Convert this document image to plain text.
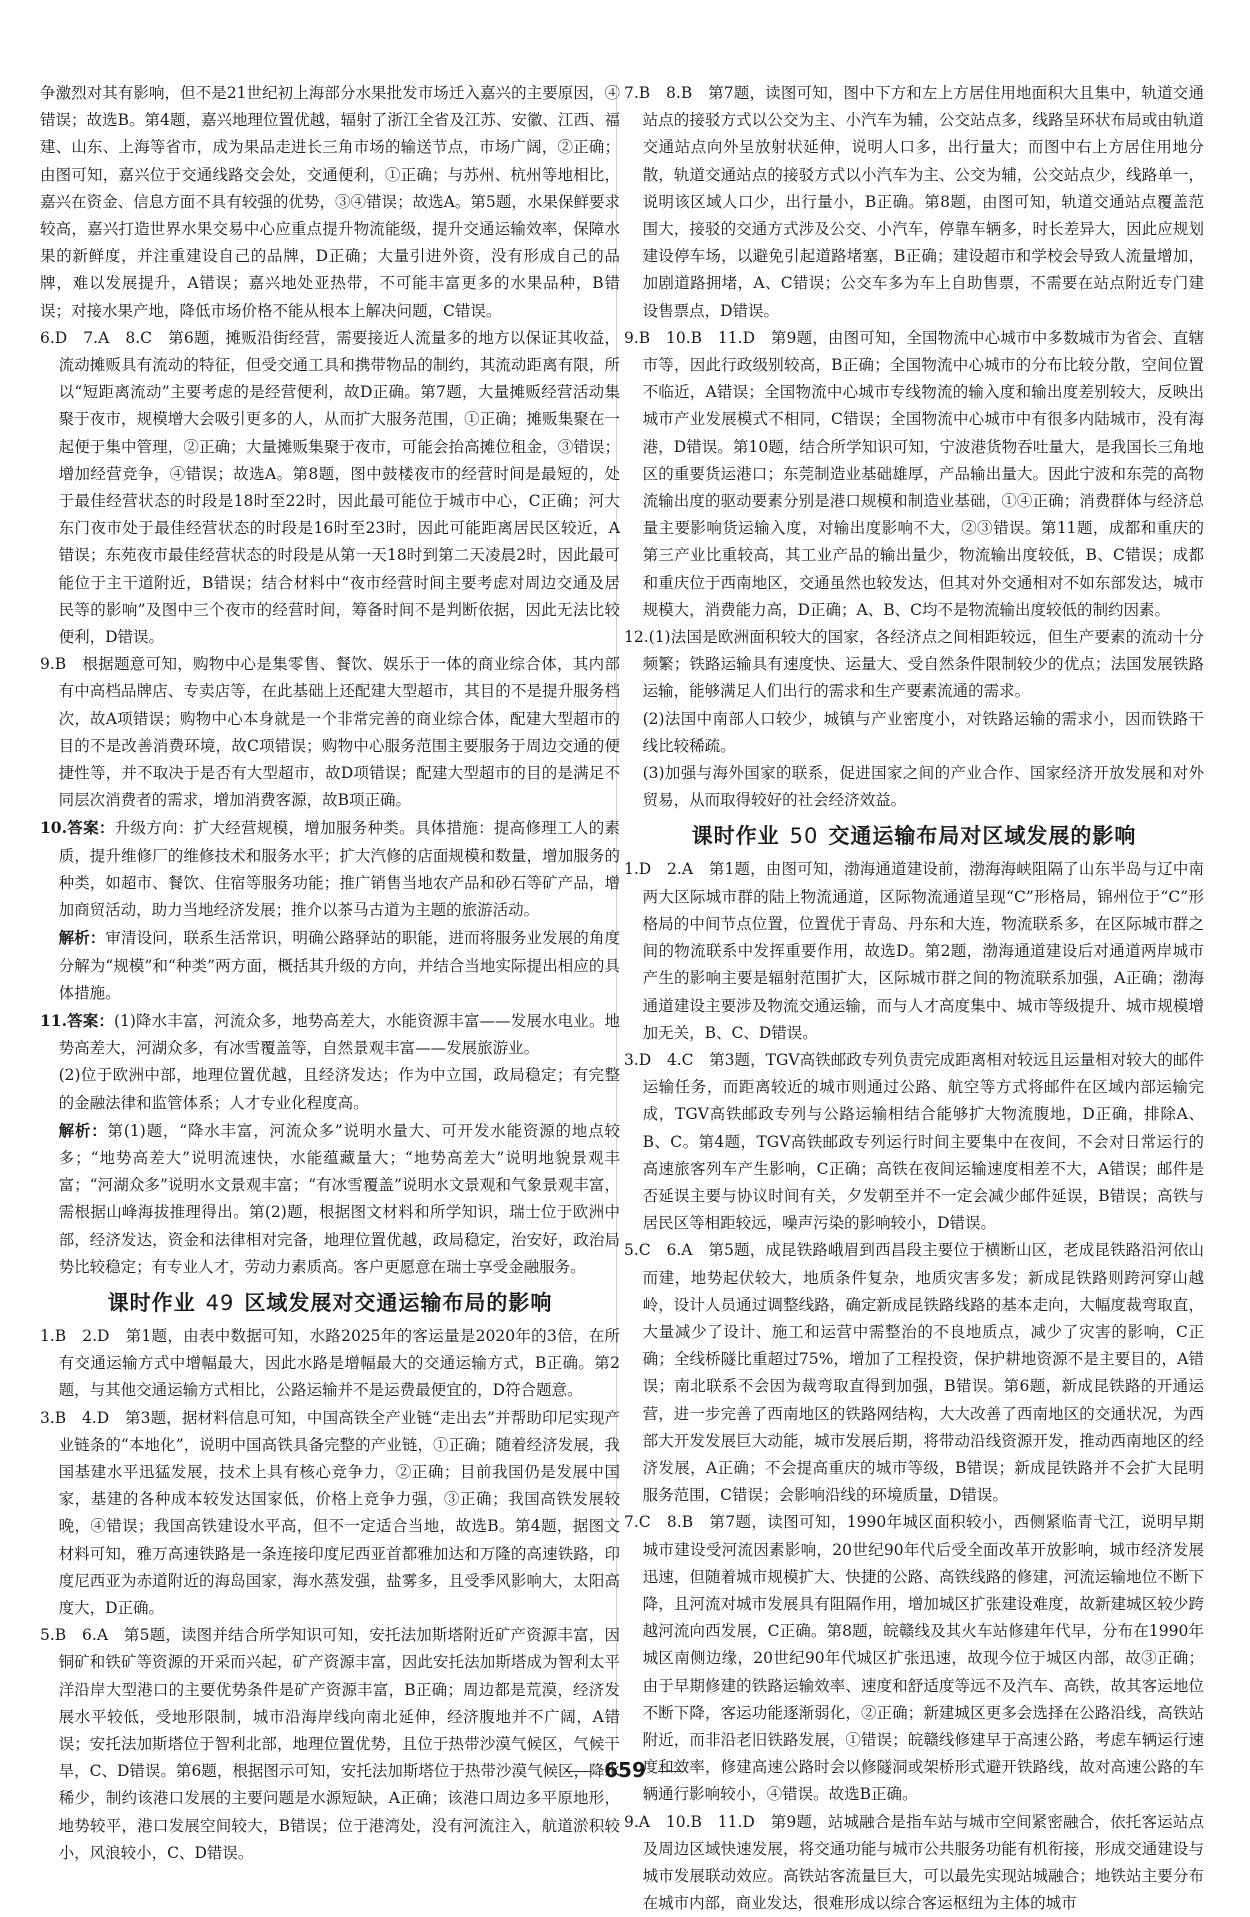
争激烈对其有影响，但不是21世纪初上海部分水果批发市场迁入嘉兴的主要原因，④错误；故选B。第4题，嘉兴地理位置优越，辐射了浙江全省及江苏、安徽、江西、福建、山东、上海等省市，成为果品走进长三角市场的输送节点，市场广阔，②正确；由图可知，嘉兴位于交通线路交会处，交通便利，①正确；与苏州、杭州等地相比，嘉兴在资金、信息方面不具有较强的优势，③④错误；故选A。第5题，水果保鲜要求较高，嘉兴打造世界水果交易中心应重点提升物流能级，提升交通运输效率，保障水果的新鲜度，并注重建设自己的品牌，D正确；大量引进外资，没有形成自己的品牌，难以发展提升，A错误；嘉兴地处亚热带，不可能丰富更多的水果品种，B错误；对接水果产地，降低市场价格不能从根本上解决问题，C错误。

6.D　7.A　8.C　第6题，摊贩沿街经营，需要接近人流量多的地方以保证其收益，流动摊贩具有流动的特征，但受交通工具和携带物品的制约，其流动距离有限，所以“短距离流动”主要考虑的是经营便利，故D正确。第7题，大量摊贩经营活动集聚于夜市，规模增大会吸引更多的人，从而扩大服务范围，①正确；摊贩集聚在一起便于集中管理，②正确；大量摊贩集聚于夜市，可能会抬高摊位租金，③错误；增加经营竞争，④错误；故选A。第8题，图中鼓楼夜市的经营时间是最短的，处于最佳经营状态的时段是18时至22时，因此最可能位于城市中心，C正确；河大东门夜市处于最佳经营状态的时段是16时至23时，因此可能距离居民区较近，A错误；东苑夜市最佳经营状态的时段是从第一天18时到第二天凌晨2时，因此最可能位于主干道附近，B错误；结合材料中“夜市经营时间主要考虑对周边交通及居民等的影响”及图中三个夜市的经营时间，筹备时间不是判断依据，因此无法比较便利，D错误。

9.B　根据题意可知，购物中心是集零售、餐饮、娱乐于一体的商业综合体，其内部有中高档品牌店、专卖店等，在此基础上还配建大型超市，其目的不是提升服务档次，故A项错误；购物中心本身就是一个非常完善的商业综合体，配建大型超市的目的不是改善消费环境，故C项错误；购物中心服务范围主要服务于周边交通的便捷性等，并不取决于是否有大型超市，故D项错误；配建大型超市的目的是满足不同层次消费者的需求，增加消费客源，故B项正确。

10.答案：升级方向：扩大经营规模，增加服务种类。具体措施：提高修理工人的素质，提升维修厂的维修技术和服务水平；扩大汽修的店面规模和数量，增加服务的种类，如超市、餐饮、住宿等服务功能；推广销售当地农产品和砂石等矿产品，增加商贸活动，助力当地经济发展；推介以茶马古道为主题的旅游活动。

解析：审清设问，联系生活常识，明确公路驿站的职能，进而将服务业发展的角度分解为“规模”和“种类”两方面，概括其升级的方向，并结合当地实际提出相应的具体措施。

11.答案：(1)降水丰富，河流众多，地势高差大，水能资源丰富——发展水电业。地势高差大，河湖众多，有冰雪覆盖等，自然景观丰富——发展旅游业。

(2)位于欧洲中部，地理位置优越，且经济发达；作为中立国，政局稳定；有完整的金融法律和监管体系；人才专业化程度高。

解析：第(1)题，“降水丰富，河流众多”说明水量大、可开发水能资源的地点较多；“地势高差大”说明流速快，水能蕴藏量大；“地势高差大”说明地貌景观丰富；“河湖众多”说明水文景观丰富；“有冰雪覆盖”说明水文景观和气象景观丰富，需根据山峰海拔推理得出。第(2)题，根据图文材料和所学知识，瑞士位于欧洲中部，经济发达，资金和法律相对完备，地理位置优越，政局稳定，治安好，政治局势比较稳定；有专业人才，劳动力素质高。客户更愿意在瑞士享受金融服务。

课时作业 49 区域发展对交通运输布局的影响

1.B　2.D　第1题，由表中数据可知，水路2025年的客运量是2020年的3倍，在所有交通运输方式中增幅最大，因此水路是增幅最大的交通运输方式，B正确。第2题，与其他交通运输方式相比，公路运输并不是运费最便宜的，D符合题意。

3.B　4.D　第3题，据材料信息可知，中国高铁全产业链“走出去”并帮助印尼实现产业链条的“本地化”，说明中国高铁具备完整的产业链，①正确；随着经济发展，我国基建水平迅猛发展，技术上具有核心竞争力，②正确；目前我国仍是发展中国家，基建的各种成本较发达国家低，价格上竞争力强，③正确；我国高铁发展较晚，④错误；我国高铁建设水平高，但不一定适合当地，故选B。第4题，据图文材料可知，雅万高速铁路是一条连接印度尼西亚首都雅加达和万隆的高速铁路，印度尼西亚为赤道附近的海岛国家，海水蒸发强，盐雾多，且受季风影响大，太阳高度大，D正确。

5.B　6.A　第5题，读图并结合所学知识可知，安托法加斯塔附近矿产资源丰富，因铜矿和铁矿等资源的开采而兴起，矿产资源丰富，因此安托法加斯塔成为智利太平洋沿岸大型港口的主要优势条件是矿产资源丰富，B正确；周边都是荒漠，经济发展水平较低，受地形限制，城市沿海岸线向南北延伸，经济腹地并不广阔，A错误；安托法加斯塔位于智利北部，地理位置优势，且位于热带沙漠气候区，气候干旱，C、D错误。第6题，根据图示可知，安托法加斯塔位于热带沙漠气候区，降水稀少，制约该港口发展的主要问题是水源短缺，A正确；该港口周边多平原地形，地势较平，港口发展空间较大，B错误；位于港湾处，没有河流注入，航道淤积较小，风浪较小，C、D错误。

7.B　8.B　第7题，读图可知，图中下方和左上方居住用地面积大且集中，轨道交通站点的接驳方式以公交为主、小汽车为辅，公交站点多，线路呈环状布局或由轨道交通站点向外呈放射状延伸，说明人口多，出行量大；而图中右上方居住用地分散，轨道交通站点的接驳方式以小汽车为主、公交为辅，公交站点少，线路单一，说明该区域人口少，出行量小，B正确。第8题，由图可知，轨道交通站点覆盖范围大，接驳的交通方式涉及公交、小汽车，停靠车辆多，时长差异大，因此应规划建设停车场，以避免引起道路堵塞，B正确；建设超市和学校会导致人流量增加，加剧道路拥堵，A、C错误；公交车多为车上自助售票，不需要在站点附近专门建设售票点，D错误。

9.B　10.B　11.D　第9题，由图可知，全国物流中心城市中多数城市为省会、直辖市等，因此行政级别较高，B正确；全国物流中心城市的分布比较分散，空间位置不临近，A错误；全国物流中心城市专线物流的输入度和输出度差别较大，反映出城市产业发展模式不相同，C错误；全国物流中心城市中有很多内陆城市，没有海港，D错误。第10题，结合所学知识可知，宁波港货物吞吐量大，是我国长三角地区的重要货运港口；东莞制造业基础雄厚，产品输出量大。因此宁波和东莞的高物流输出度的驱动要素分别是港口规模和制造业基础，①④正确；消费群体与经济总量主要影响货运输入度，对输出度影响不大，②③错误。第11题，成都和重庆的第三产业比重较高，其工业产品的输出量少，物流输出度较低，B、C错误；成都和重庆位于西南地区，交通虽然也较发达，但其对外交通相对不如东部发达，城市规模大，消费能力高，D正确；A、B、C均不是物流输出度较低的制约因素。

12.(1)法国是欧洲面积较大的国家，各经济点之间相距较远，但生产要素的流动十分频繁；铁路运输具有速度快、运量大、受自然条件限制较少的优点；法国发展铁路运输，能够满足人们出行的需求和生产要素流通的需求。

(2)法国中南部人口较少，城镇与产业密度小，对铁路运输的需求小，因而铁路干线比较稀疏。

(3)加强与海外国家的联系，促进国家之间的产业合作、国家经济开放发展和对外贸易，从而取得较好的社会经济效益。

课时作业 50 交通运输布局对区域发展的影响

1.D　2.A　第1题，由图可知，渤海通道建设前，渤海海峡阻隔了山东半岛与辽中南两大区际城市群的陆上物流通道，区际物流通道呈现“C”形格局，锦州位于“C”形格局的中间节点位置，位置优于青岛、丹东和大连，物流联系多，在区际城市群之间的物流联系中发挥重要作用，故选D。第2题，渤海通道建设后对通道两岸城市产生的影响主要是辐射范围扩大，区际城市群之间的物流联系加强，A正确；渤海通道建设主要涉及物流交通运输，而与人才高度集中、城市等级提升、城市规模增加无关，B、C、D错误。

3.D　4.C　第3题，TGV高铁邮政专列负责完成距离相对较远且运量相对较大的邮件运输任务，而距离较近的城市则通过公路、航空等方式将邮件在区域内部运输完成，TGV高铁邮政专列与公路运输相结合能够扩大物流腹地，D正确，排除A、B、C。第4题，TGV高铁邮政专列运行时间主要集中在夜间，不会对日常运行的高速旅客列车产生影响，C正确；高铁在夜间运输速度相差不大，A错误；邮件是否延误主要与协议时间有关，夕发朝至并不一定会减少邮件延误，B错误；高铁与居民区等相距较远，噪声污染的影响较小，D错误。

5.C　6.A　第5题，成昆铁路峨眉到西昌段主要位于横断山区，老成昆铁路沿河依山而建，地势起伏较大，地质条件复杂，地质灾害多发；新成昆铁路则跨河穿山越岭，设计人员通过调整线路，确定新成昆铁路线路的基本走向，大幅度裁弯取直，大量减少了设计、施工和运营中需整治的不良地质点，减少了灾害的影响，C正确；全线桥隧比重超过75%，增加了工程投资，保护耕地资源不是主要目的，A错误；南北联系不会因为裁弯取直得到加强，B错误。第6题，新成昆铁路的开通运营，进一步完善了西南地区的铁路网结构，大大改善了西南地区的交通状况，为西部大开发发展巨大动能，城市发展后期，将带动沿线资源开发，推动西南地区的经济发展，A正确；不会提高重庆的城市等级，B错误；新成昆铁路并不会扩大昆明服务范围，C错误；会影响沿线的环境质量，D错误。

7.C　8.B　第7题，读图可知，1990年城区面积较小，西侧紧临青弋江，说明早期城市建设受河流因素影响，20世纪90年代后受全面改革开放影响，城市经济发展迅速，但随着城市规模扩大、快捷的公路、高铁线路的修建，河流运输地位不断下降，且河流对城市发展具有阻隔作用，增加城区扩张建设难度，故新建城区较少跨越河流向西发展，C正确。第8题，皖赣线及其火车站修建年代早，分布在1990年城区南侧边缘，20世纪90年代城区扩张迅速，故现今位于城区内部，故③正确；由于早期修建的铁路运输效率、速度和舒适度等远不及汽车、高铁，故其客运地位不断下降，客运功能逐渐弱化，②正确；新建城区更多会选择在公路沿线，高铁站附近，而非沿老旧铁路发展，①错误；皖赣线修建早于高速公路，考虑车辆运行速度和效率，修建高速公路时会以修隧洞或架桥形式避开铁路线，故对高速公路的车辆通行影响较小，④错误。故选B正确。

9.A　10.B　11.D　第9题，站城融合是指车站与城市空间紧密融合，依托客运站点及周边区域快速发展，将交通功能与城市公共服务功能有机衔接，形成交通建设与城市发展联动效应。高铁站客流量巨大，可以最先实现站城融合；地铁站主要分布在城市内部，商业发达，很难形成以综合客运枢纽为主体的城市

659
